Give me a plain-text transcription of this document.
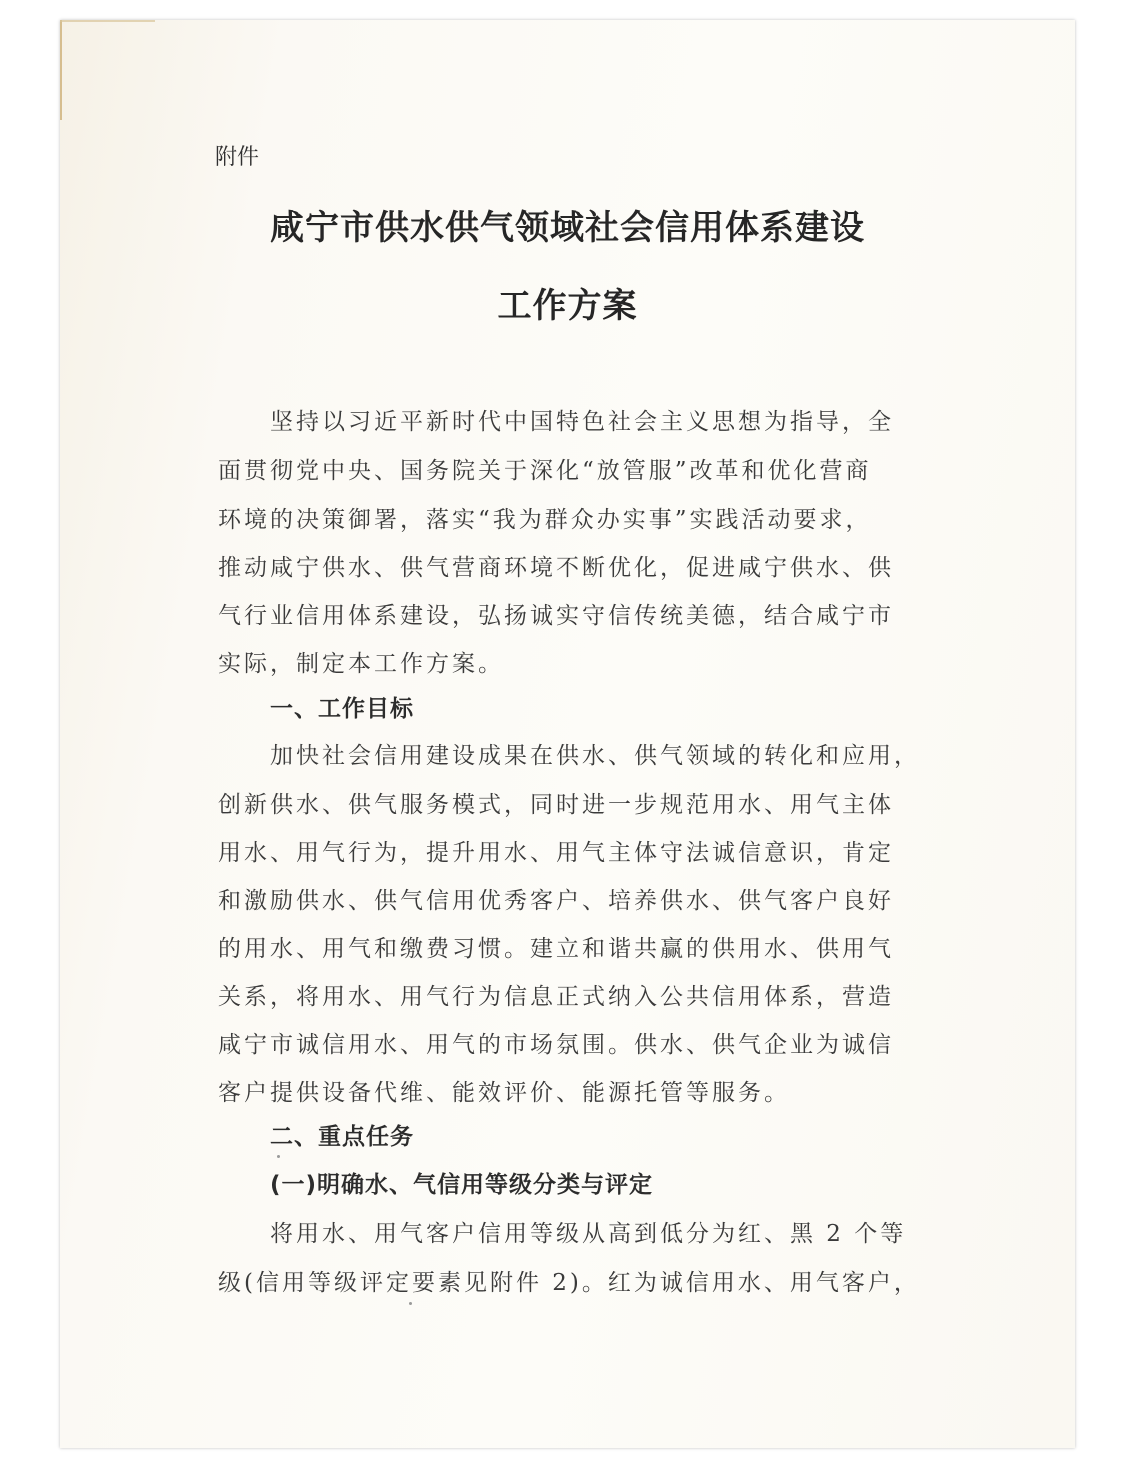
附件
咸宁市供水供气领域社会信用体系建设
工作方案
坚持以习近平新时代中国特色社会主义思想为指导，全
面贯彻党中央、国务院关于深化“放管服”改革和优化营商
环境的决策御署，落实“我为群众办实事”实践活动要求，
推动咸宁供水、供气营商环境不断优化，促进咸宁供水、供
气行业信用体系建设，弘扬诚实守信传统美德，结合咸宁市
实际，制定本工作方案。
一、工作目标
加快社会信用建设成果在供水、供气领域的转化和应用，
创新供水、供气服务模式，同时进一步规范用水、用气主体
用水、用气行为，提升用水、用气主体守法诚信意识，肯定
和激励供水、供气信用优秀客户、培养供水、供气客户良好
的用水、用气和缴费习惯。建立和谐共赢的供用水、供用气
关系，将用水、用气行为信息正式纳入公共信用体系，营造
咸宁市诚信用水、用气的市场氛围。供水、供气企业为诚信
客户提供设备代维、能效评价、能源托管等服务。
二、重点任务
(一)明确水、气信用等级分类与评定
将用水、用气客户信用等级从高到低分为红、黑 2 个等
级(信用等级评定要素见附件 2)。红为诚信用水、用气客户，
